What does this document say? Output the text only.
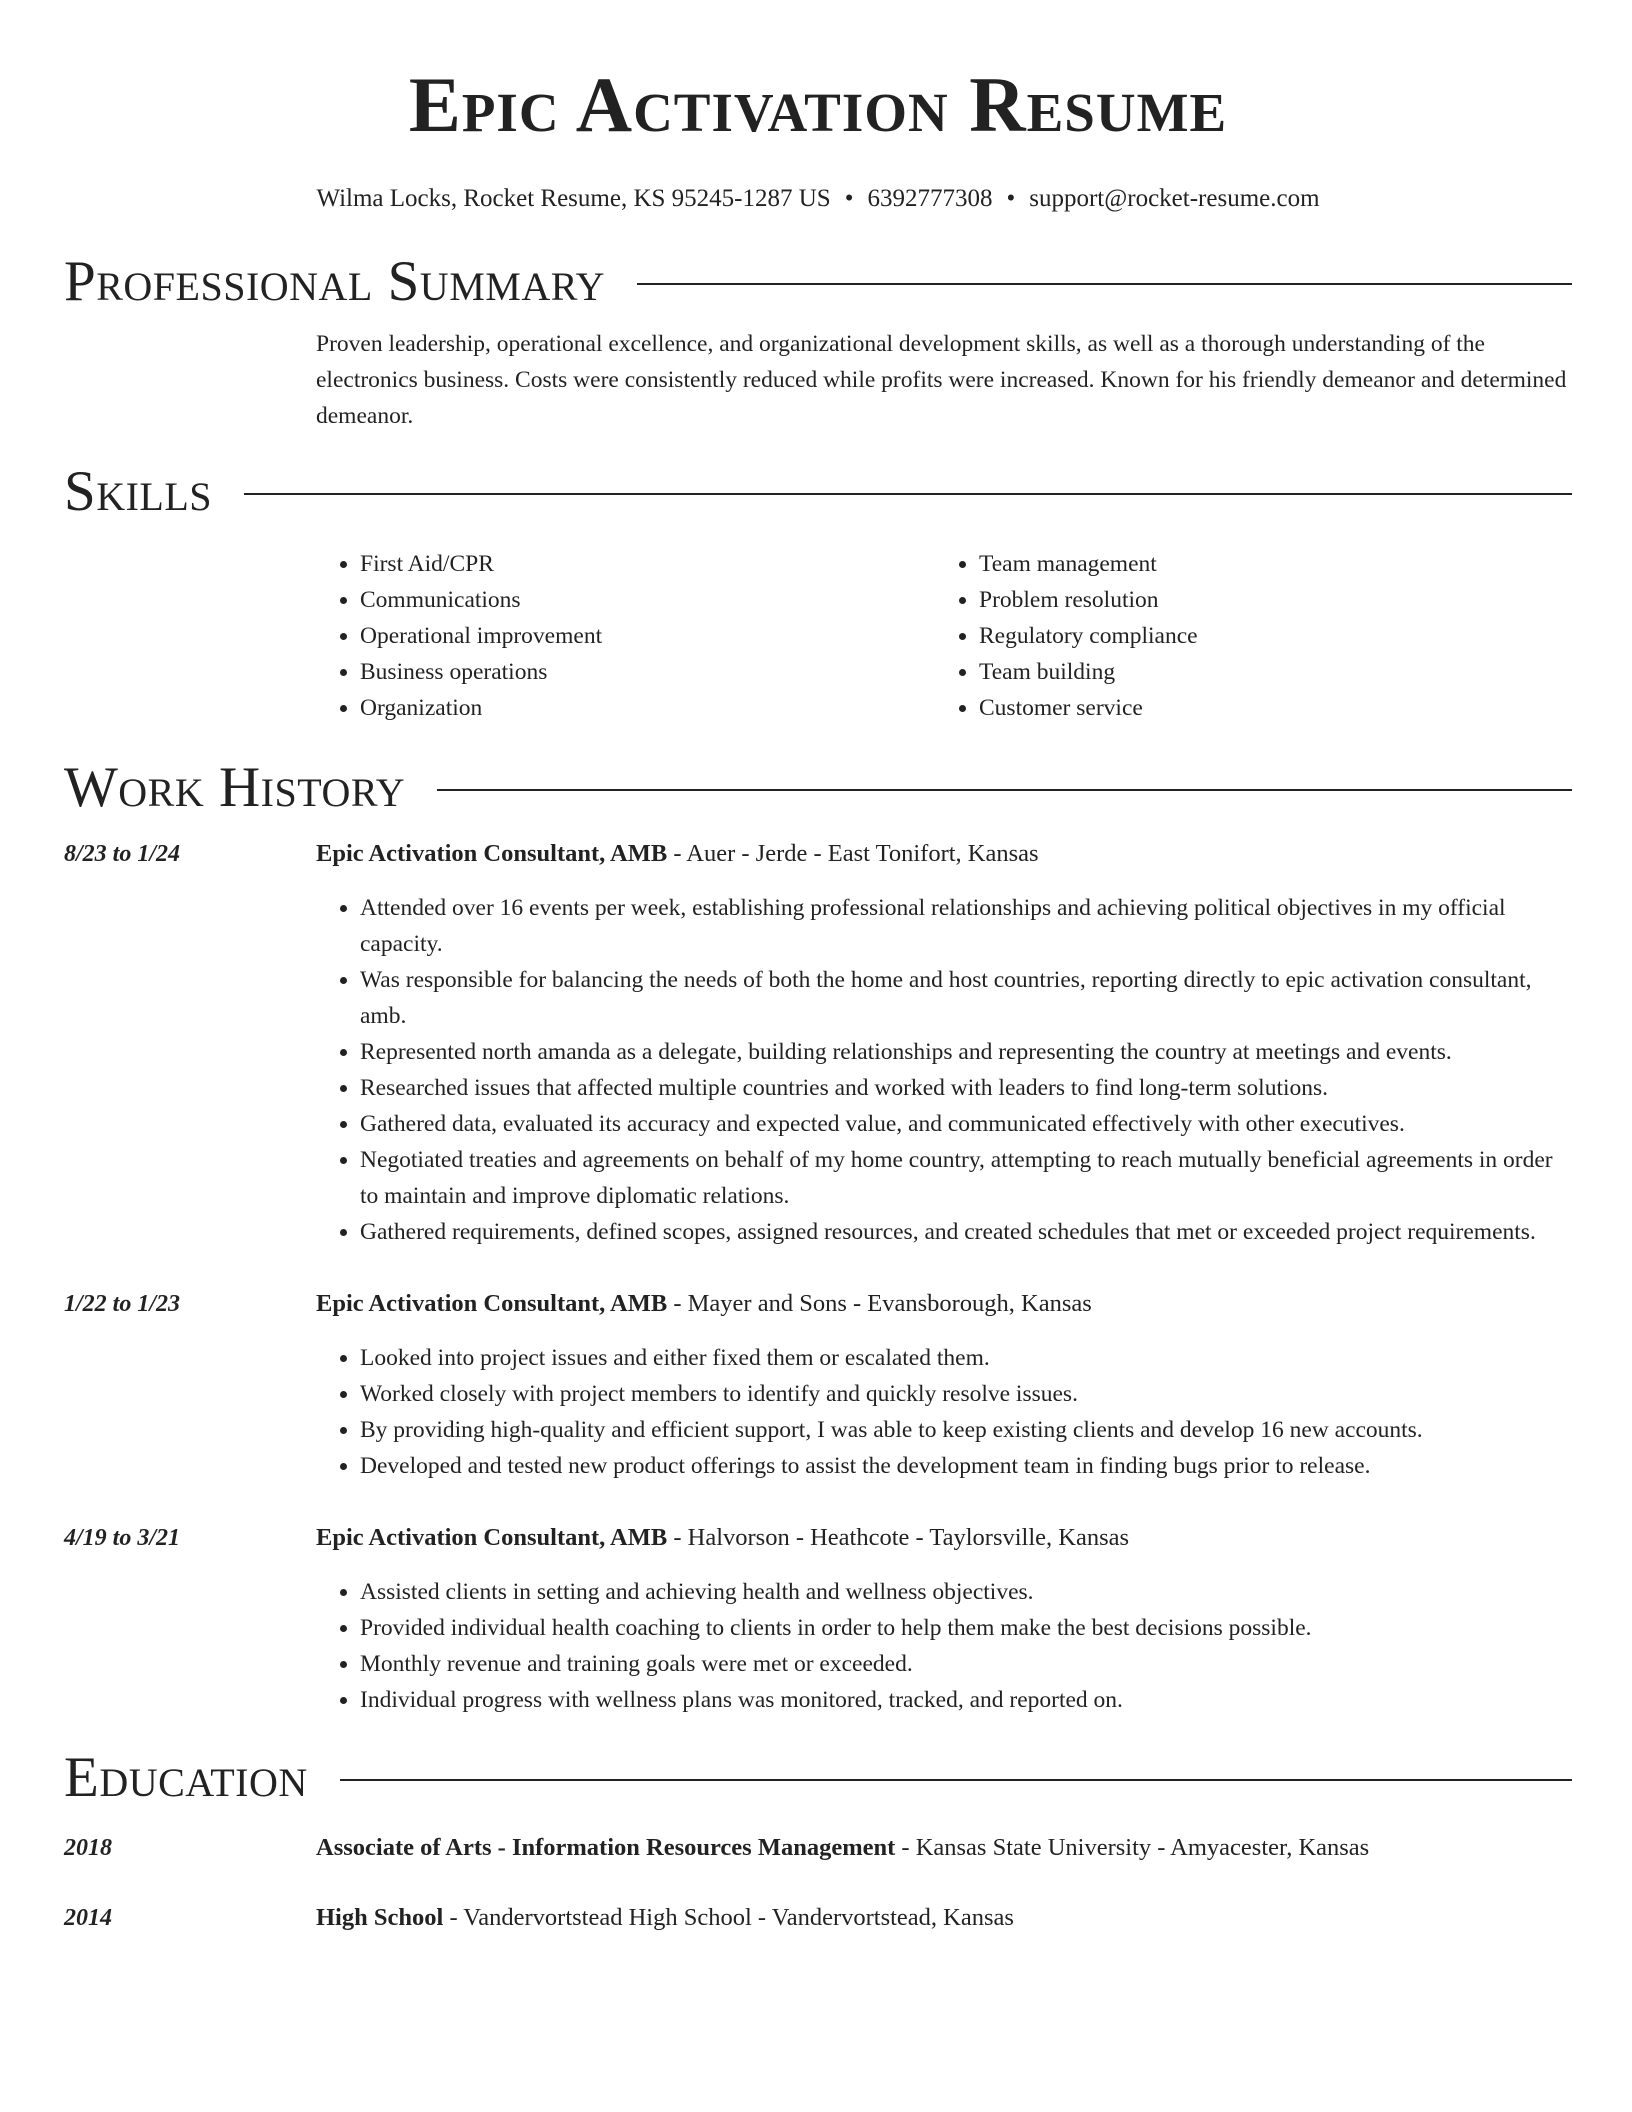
Epic Activation Resume
Wilma Locks, Rocket Resume, KS 95245-1287 US • 6392777308 • support@rocket-resume.com
Professional Summary

Proven leadership, operational excellence, and organizational development skills, as well as a thorough understanding of the electronics business. Costs were consistently reduced while profits were increased. Known for his friendly demeanor and determined demeanor.

Skills
• First Aid/CPR
• Communications
• Operational improvement
• Business operations
• Organization
• Team management
• Problem resolution
• Regulatory compliance
• Team building
• Customer service
Work History
8/23 to 1/24	Epic Activation Consultant, AMB - Auer - Jerde - East Tonifort, Kansas
• Attended over 16 events per week, establishing professional relationships and achieving political objectives in my official capacity.
• Was responsible for balancing the needs of both the home and host countries, reporting directly to epic activation consultant, amb.
• Represented north amanda as a delegate, building relationships and representing the country at meetings and events.
• Researched issues that affected multiple countries and worked with leaders to find long-term solutions.
• Gathered data, evaluated its accuracy and expected value, and communicated effectively with other executives.
• Negotiated treaties and agreements on behalf of my home country, attempting to reach mutually beneficial agreements in order to maintain and improve diplomatic relations.
• Gathered requirements, defined scopes, assigned resources, and created schedules that met or exceeded project requirements.
1/22 to 1/23	Epic Activation Consultant, AMB - Mayer and Sons - Evansborough, Kansas
• Looked into project issues and either fixed them or escalated them.
• Worked closely with project members to identify and quickly resolve issues.
• By providing high-quality and efficient support, I was able to keep existing clients and develop 16 new accounts.
• Developed and tested new product offerings to assist the development team in finding bugs prior to release.
4/19 to 3/21	Epic Activation Consultant, AMB - Halvorson - Heathcote - Taylorsville, Kansas
• Assisted clients in setting and achieving health and wellness objectives.
• Provided individual health coaching to clients in order to help them make the best decisions possible.
• Monthly revenue and training goals were met or exceeded.
• Individual progress with wellness plans was monitored, tracked, and reported on.
Education
2018	Associate of Arts - Information Resources Management - Kansas State University - Amyacester, Kansas
2014	High School - Vandervortstead High School - Vandervortstead, Kansas
